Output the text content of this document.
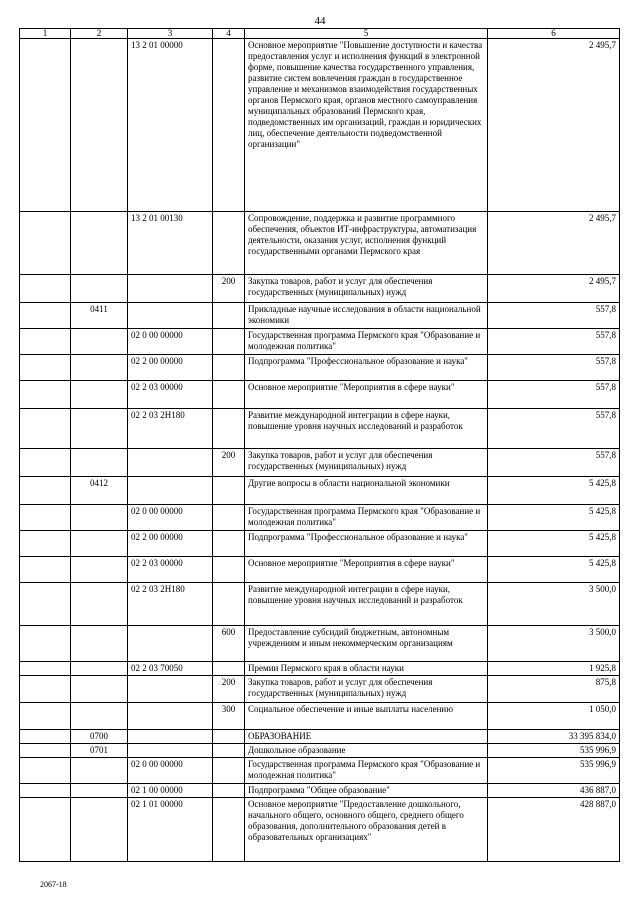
44
1	2	3	4	5	6
		13 2 01 00000		Основное мероприятие "Повышение доступности и качества предоставления услуг и исполнения функций в электронной форме, повышение качества государственного управления, развитие систем вовлечения граждан в государственное управление и механизмов взаимодействия государственных органов Пермского края, органов местного самоуправления муниципальных образований Пермского края, подведомственных им организаций, граждан и юридических лиц, обеспечение деятельности подведомственной организации"	2 495,7
		13 2 01 00130		Сопровождение, поддержка и развитие программного обеспечения, объектов ИТ-инфраструктуры, автоматизация деятельности, оказания услуг, исполнения функций государственными органами Пермского края	2 495,7
			200	Закупка товаров, работ и услуг для обеспечения государственных (муниципальных) нужд	2 495,7
	0411			Прикладные научные исследования в области национальной экономики	557,8
		02 0 00 00000		Государственная программа Пермского края "Образование и молодежная политика"	557,8
		02 2 00 00000		Подпрограмма "Профессиональное образование и наука"	557,8
		02 2 03 00000		Основное мероприятие "Мероприятия в сфере науки"	557,8
		02 2 03 2Н180		Развитие международной интеграции в сфере науки, повышение уровня научных исследований и разработок	557,8
			200	Закупка товаров, работ и услуг для обеспечения государственных (муниципальных) нужд	557,8
	0412			Другие вопросы в области национальной экономики	5 425,8
		02 0 00 00000		Государственная программа Пермского края "Образование и молодежная политика"	5 425,8
		02 2 00 00000		Подпрограмма "Профессиональное образование и наука"	5 425,8
		02 2 03 00000		Основное мероприятие "Мероприятия в сфере науки"	5 425,8
		02 2 03 2Н180		Развитие международной интеграции в сфере науки, повышение уровня научных исследований и разработок	3 500,0
			600	Предоставление субсидий бюджетным, автономным учреждениям и иным некоммерческим организациям	3 500,0
		02 2 03 70050		Премии Пермского края в области науки	1 925,8
			200	Закупка товаров, работ и услуг для обеспечения государственных (муниципальных) нужд	875,8
			300	Социальное обеспечение и иные выплаты населению	1 050,0
	0700			ОБРАЗОВАНИЕ	33 395 834,0
	0701			Дошкольное образование	535 996,9
		02 0 00 00000		Государственная программа Пермского края "Образование и молодежная политика"	535 996,9
		02 1 00 00000		Подпрограмма "Общее образование"	436 887,0
		02 1 01 00000		Основное мероприятие "Предоставление дошкольного, начального общего, основного общего, среднего общего образования, дополнительного образования детей в образовательных организациях"	428 887,0
2067-18
